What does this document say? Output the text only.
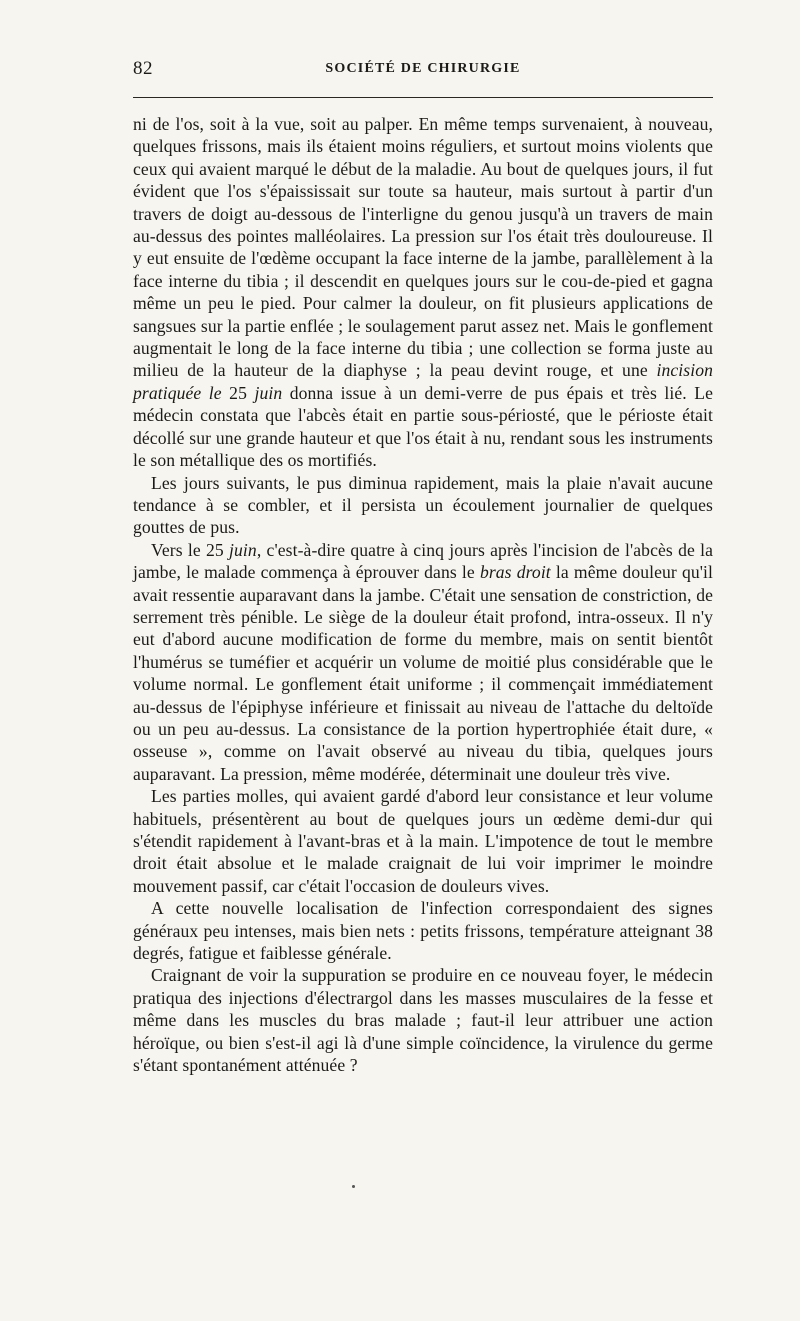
82	SOCIÉTÉ DE CHIRURGIE

ni de l'os, soit à la vue, soit au palper. En même temps survenaient, à nouveau, quelques frissons, mais ils étaient moins réguliers, et surtout moins violents que ceux qui avaient marqué le début de la maladie. Au bout de quelques jours, il fut évident que l'os s'épaississait sur toute sa hauteur, mais surtout à partir d'un travers de doigt au-dessous de l'interligne du genou jusqu'à un travers de main au-dessus des pointes malléolaires. La pression sur l'os était très douloureuse. Il y eut ensuite de l'œdème occupant la face interne de la jambe, parallèlement à la face interne du tibia ; il descendit en quelques jours sur le cou-de-pied et gagna même un peu le pied. Pour calmer la douleur, on fit plusieurs applications de sangsues sur la partie enflée ; le soulagement parut assez net. Mais le gonflement augmentait le long de la face interne du tibia ; une collection se forma juste au milieu de la hauteur de la diaphyse ; la peau devint rouge, et une incision pratiquée le 25 juin donna issue à un demi-verre de pus épais et très lié. Le médecin constata que l'abcès était en partie sous-périosté, que le périoste était décollé sur une grande hauteur et que l'os était à nu, rendant sous les instruments le son métallique des os mortifiés.

Les jours suivants, le pus diminua rapidement, mais la plaie n'avait aucune tendance à se combler, et il persista un écoulement journalier de quelques gouttes de pus.

Vers le 25 juin, c'est-à-dire quatre à cinq jours après l'incision de l'abcès de la jambe, le malade commença à éprouver dans le bras droit la même douleur qu'il avait ressentie auparavant dans la jambe. C'était une sensation de constriction, de serrement très pénible. Le siège de la douleur était profond, intra-osseux. Il n'y eut d'abord aucune modification de forme du membre, mais on sentit bientôt l'humérus se tuméfier et acquérir un volume de moitié plus considérable que le volume normal. Le gonflement était uniforme ; il commençait immédiatement au-dessus de l'épiphyse inférieure et finissait au niveau de l'attache du deltoïde ou un peu au-dessus. La consistance de la portion hypertrophiée était dure, « osseuse », comme on l'avait observé au niveau du tibia, quelques jours auparavant. La pression, même modérée, déterminait une douleur très vive.

Les parties molles, qui avaient gardé d'abord leur consistance et leur volume habituels, présentèrent au bout de quelques jours un œdème demi-dur qui s'étendit rapidement à l'avant-bras et à la main. L'impotence de tout le membre droit était absolue et le malade craignait de lui voir imprimer le moindre mouvement passif, car c'était l'occasion de douleurs vives.

A cette nouvelle localisation de l'infection correspondaient des signes généraux peu intenses, mais bien nets : petits frissons, température atteignant 38 degrés, fatigue et faiblesse générale.

Craignant de voir la suppuration se produire en ce nouveau foyer, le médecin pratiqua des injections d'électrargol dans les masses musculaires de la fesse et même dans les muscles du bras malade ; faut-il leur attribuer une action héroïque, ou bien s'est-il agi là d'une simple coïncidence, la virulence du germe s'étant spontanément atténuée ?
